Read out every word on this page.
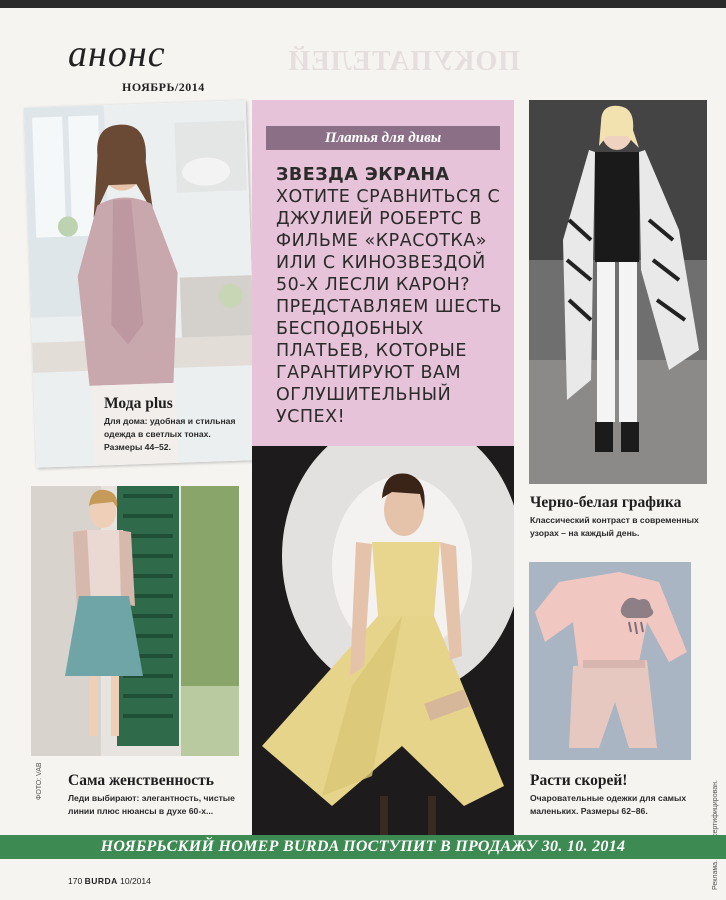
ПОКУПАТЕЛЕЙ
анонс
НОЯБРЬ/2014
Мода plus
Для дома: удобная и стильная одежда в светлых тонах. Размеры 44–52.
Платья для дивы
ЗВЕЗДА ЭКРАНА
ХОТИТЕ СРАВНИТЬСЯ С ДЖУЛИЕЙ РОБЕРТС В ФИЛЬМЕ «КРАСОТКА» ИЛИ С КИНОЗВЕЗДОЙ 50-Х ЛЕСЛИ КАРОН? ПРЕДСТАВЛЯЕМ ШЕСТЬ БЕСПОДОБНЫХ ПЛАТЬЕВ, КОТОРЫЕ ГАРАНТИРУЮТ ВАМ ОГЛУШИТЕЛЬНЫЙ УСПЕХ!
Черно-белая графика
Классический контраст в современных узорах – на каждый день.
Сама женственность
Леди выбирают: элегантность, чистые линии плюс нюансы в духе 60-х...
Расти скорей!
Очаровательные одежки для самых маленьких. Размеры 62–86.
ФОТО: VAB
НОЯБРЬСКИЙ НОМЕР BURDA ПОСТУПИТ В ПРОДАЖУ 30. 10. 2014
170 BURDA 10/2014
